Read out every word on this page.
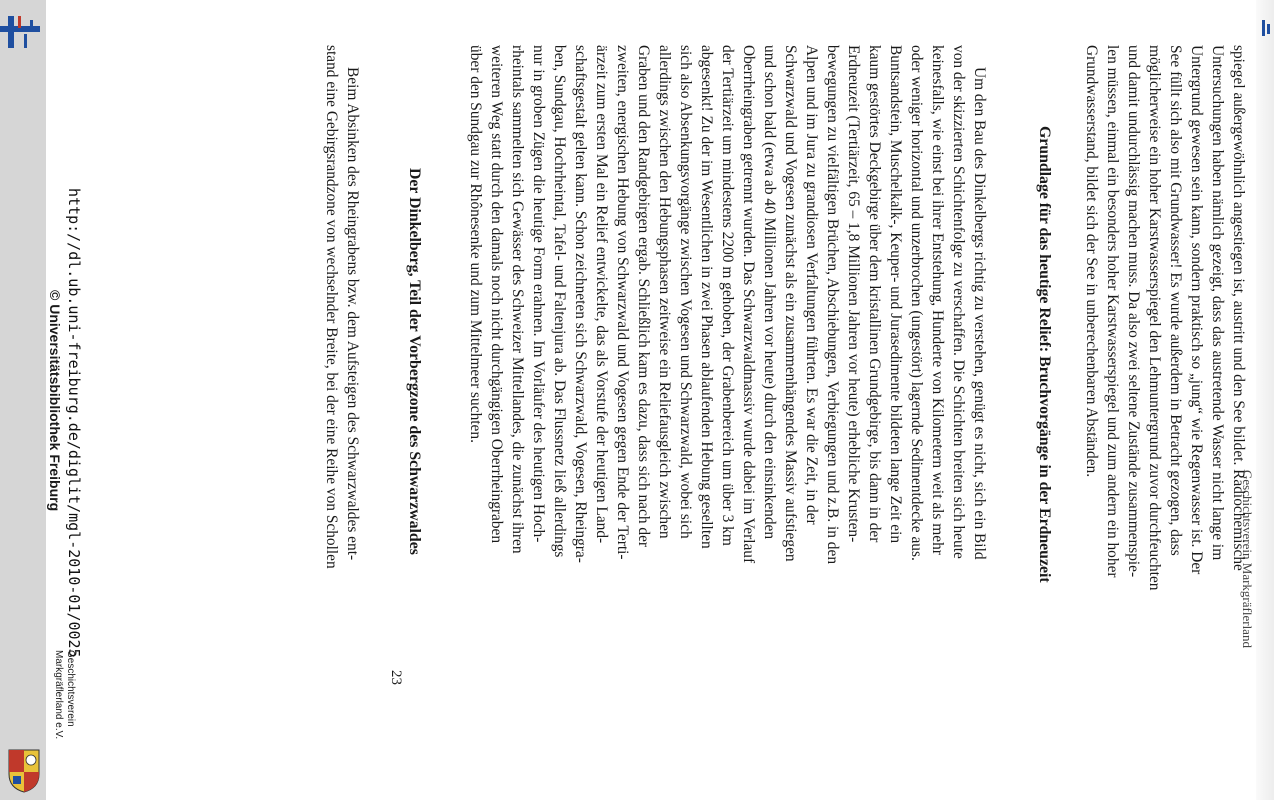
Geschichtsverein Markgräflerland
spiegel außergewöhnlich angestiegen ist, austritt und den See bildet. Radiochemische
Untersuchungen haben nämlich gezeigt, dass das austretende Wasser nicht lange im
Untergrund gewesen sein kann, sondern praktisch so „jung“ wie Regenwasser ist. Der
See füllt sich also mit Grundwasser! Es wurde außerdem in Betracht gezogen, dass
möglicherweise ein hoher Karstwasserspiegel den Lehmuntergrund zuvor durchfeuchten
und damit undurchlässig machen muss. Da also zwei seltene Zustände zusammenspie-
len müssen, einmal ein besonders hoher Karstwasserspiegel und zum andern ein hoher
Grundwasserstand, bildet sich der See in unberechenbaren Abständen.
Grundlage für das heutige Relief: Bruchvorgänge in der Erdneuzeit
Um den Bau des Dinkelbergs richtig zu verstehen, genügt es nicht, sich ein Bild
von der skizzierten Schichtenfolge zu verschaffen. Die Schichten breiten sich heute
keinesfalls, wie einst bei ihrer Entstehung, Hunderte von Kilometern weit als mehr
oder weniger horizontal und unzerbrochen (ungestört) lagernde Sedimentdecke aus.
Buntsandstein, Muschelkalk-, Keuper- und Jurasedimente bildeten lange Zeit ein
kaum gestörtes Deckgebirge über dem kristallinen Grundgebirge, bis dann in der
Erdneuzeit (Tertiärzeit, 65 – 1,8 Millionen Jahren vor heute) erhebliche Krusten-
bewegungen zu vielfältigen Brüchen, Abschiebungen, Verbiegungen und z.B. in den
Alpen und im Jura zu grandiosen Verfaltungen führten. Es war die Zeit, in der
Schwarzwald und Vogesen zunächst als ein zusammenhängendes Massiv aufstiegen
und schon bald (etwa ab 40 Millionen Jahren vor heute) durch den einsinkenden
Oberrheingraben getrennt wurden. Das Schwarzwaldmassiv wurde dabei im Verlauf
der Tertiärzeit um mindestens 2200 m gehoben, der Grabenbereich um über 3 km
abgesenkt! Zu der im Wesentlichen in zwei Phasen ablaufenden Hebung gesellten
sich also Absenkungsvorgänge zwischen Vogesen und Schwarzwald, wobei sich
allerdings zwischen den Hebungsphasen zeitweise ein Reliefausgleich zwischen
Graben und den Randgebirgen ergab. Schließlich kam es dazu, dass sich nach der
zweiten, energischen Hebung von Schwarzwald und Vogesen gegen Ende der Terti-
ärzeit zum ersten Mal ein Relief entwickelte, das als Vorstufe der heutigen Land-
schaftsgestalt gelten kann. Schon zeichneten sich Schwarzwald, Vogesen, Rheingra-
ben, Sundgau, Hochrheintal, Tafel- und Faltenjura ab. Das Flussnetz ließ allerdings
nur in groben Zügen die heutige Form erahnen. Im Vorläufer des heutigen Hoch-
rheintals sammelten sich Gewässer des Schweizer Mittellandes, die zunächst ihren
weiteren Weg statt durch den damals noch nicht durchgängigen Oberrheingraben
über den Sundgau zur Rhônesenke und zum Mittelmeer suchten.
Der Dinkelberg, Teil der Vorbergzone des Schwarzwaldes
Beim Absinken des Rheingrabens bzw. dem Aufsteigen des Schwarzwaldes ent-
stand eine Gebirgsrandzone von wechselnder Breite, bei der eine Reihe von Schollen
23
http://dl.ub.uni-freiburg.de/diglit/mgl-2010-01/0025
© Universitätsbibliothek Freiburg
Geschichtsverein
Markgräflerland e.V.
